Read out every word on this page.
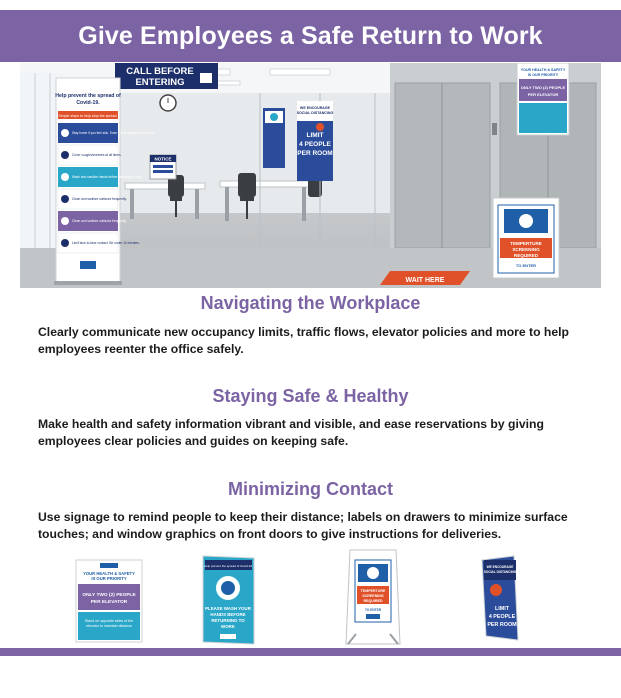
Give Employees a Safe Return to Work
CALL BEFORE
ENTERING
Help prevent the spread of
Covid-19.
Simple steps to help stop the spread.
Stay home if you feel sick. Even if your symptoms are mild.
Cover coughs/sneezes at all times.
Wash and sanitize hands before returning to work.
Clean and sanitize surfaces frequently.
Clean and sanitize surfaces frequently.
Limit face-to-face contact. Be under 10 minutes.
NOTICE
WE ENCOURAGE
SOCIAL DISTANCING
LIMIT
4 PEOPLE
PER ROOM
YOUR HEALTH & SAFETY
IS OUR PRIORITY
ONLY TWO (2) PEOPLE
PER ELEVATOR
TEMPERTURE
SCREENING
REQUIRED
TO ENTER
WAIT HERE
Navigating the Workplace
Clearly communicate new occupancy limits, traffic flows, elevator policies and more to help
employees reenter the office safely.
Staying Safe & Healthy
Make health and safety information vibrant and visible, and ease reservations by giving
employees clear policies and guides on keeping safe.
Minimizing Contact
Use signage to remind people to keep their distance; labels on drawers to minimize surface
touches; and window graphics on front doors to give instructions for deliveries.
YOUR HEALTH & SAFETY
IS OUR PRIORITY
ONLY TWO (2) PEOPLE
PER ELEVATOR
Stand on opposite sides of the
elevator to maintain distance
Help prevent the spread of Covid-19
PLEASE WASH YOUR
HANDS BEFORE
RETURNING TO
WORK
TEMPERTURE
SCREENING
REQUIRED
TO ENTER
WE ENCOURAGE
SOCIAL DISTANCING
LIMIT
4 PEOPLE
PER ROOM
